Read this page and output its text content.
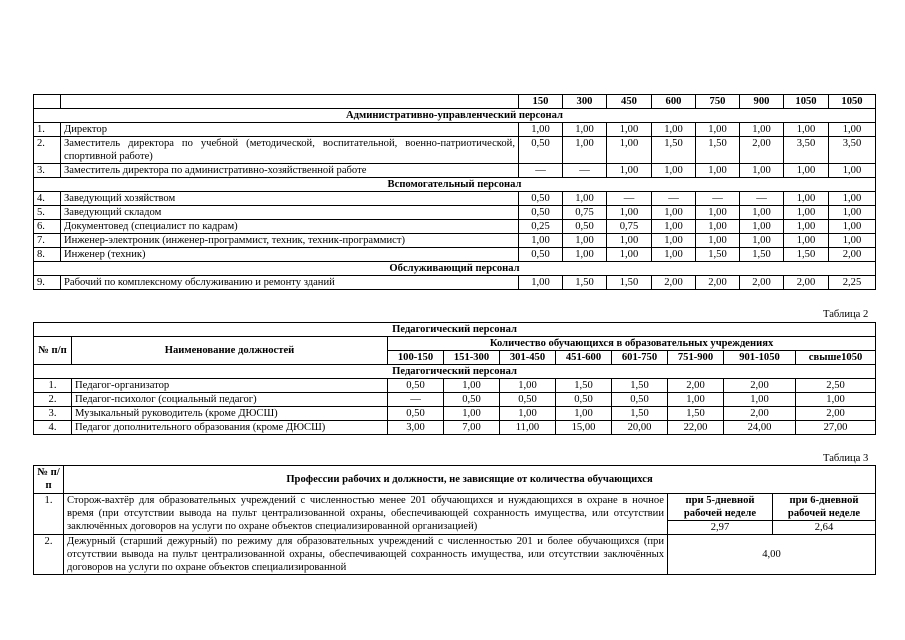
		150	300	450	600	750	900	1050	1050
Административно-управленческий персонал									
1.	Директор	1,00	1,00	1,00	1,00	1,00	1,00	1,00	1,00
2.	Заместитель директора по учебной (методической, воспитательной, военно-патриотической, спортивной работе)	0,50	1,00	1,00	1,50	1,50	2,00	3,50	3,50
3.	Заместитель директора по административно-хозяйственной работе	—	—	1,00	1,00	1,00	1,00	1,00	1,00
Вспомогательный персонал									
4.	Заведующий хозяйством	0,50	1,00	—	—	—	—	1,00	1,00
5.	Заведующий складом	0,50	0,75	1,00	1,00	1,00	1,00	1,00	1,00
6.	Документовед (специалист по кадрам)	0,25	0,50	0,75	1,00	1,00	1,00	1,00	1,00
7.	Инженер-электроник (инженер-программист, техник, техник-программист)	1,00	1,00	1,00	1,00	1,00	1,00	1,00	1,00
8.	Инженер (техник)	0,50	1,00	1,00	1,00	1,50	1,50	1,50	2,00
Обслуживающий персонал									
9.	Рабочий по комплексному обслуживанию и ремонту зданий	1,00	1,50	1,50	2,00	2,00	2,00	2,00	2,25
Таблица 2
Педагогический персонал									
№ п/п	Наименование должностей	Количество обучающихся в образовательных учреждениях							
		100-150	151-300	301-450	451-600	601-750	751-900	901-1050	свыше1050
Педагогический персонал									
1.	Педагог-организатор	0,50	1,00	1,00	1,50	1,50	2,00	2,00	2,50
2.	Педагог-психолог (социальный педагог)	—	0,50	0,50	0,50	0,50	1,00	1,00	1,00
3.	Музыкальный руководитель (кроме ДЮСШ)	0,50	1,00	1,00	1,00	1,50	1,50	2,00	2,00
4.	Педагог дополнительного образования (кроме ДЮСШ)	3,00	7,00	11,00	15,00	20,00	22,00	24,00	27,00
Таблица 3
№ п/п	Профессии рабочих и должности, не зависящие от количества обучающихся		
1.	Сторож-вахтёр для образовательных учреждений с численностью менее 201 обучающихся и нуждающихся в охране в ночное время (при отсутствии вывода на пульт централизованной охраны, обеспечивающей сохранность имущества, или отсутствии заключённых договоров на услуги по охране объектов специализированной организацией)	при 5-дневной рабочей неделе	при 6-дневной рабочей неделе
		2,97	2,64
2.	Дежурный (старший дежурный) по режиму для образовательных учреждений с численностью 201 и более обучающихся (при отсутствии вывода на пульт централизованной охраны, обеспечивающей сохранность имущества, или отсутствии заключённых договоров на услуги по охране объектов специализированной	4,00	
